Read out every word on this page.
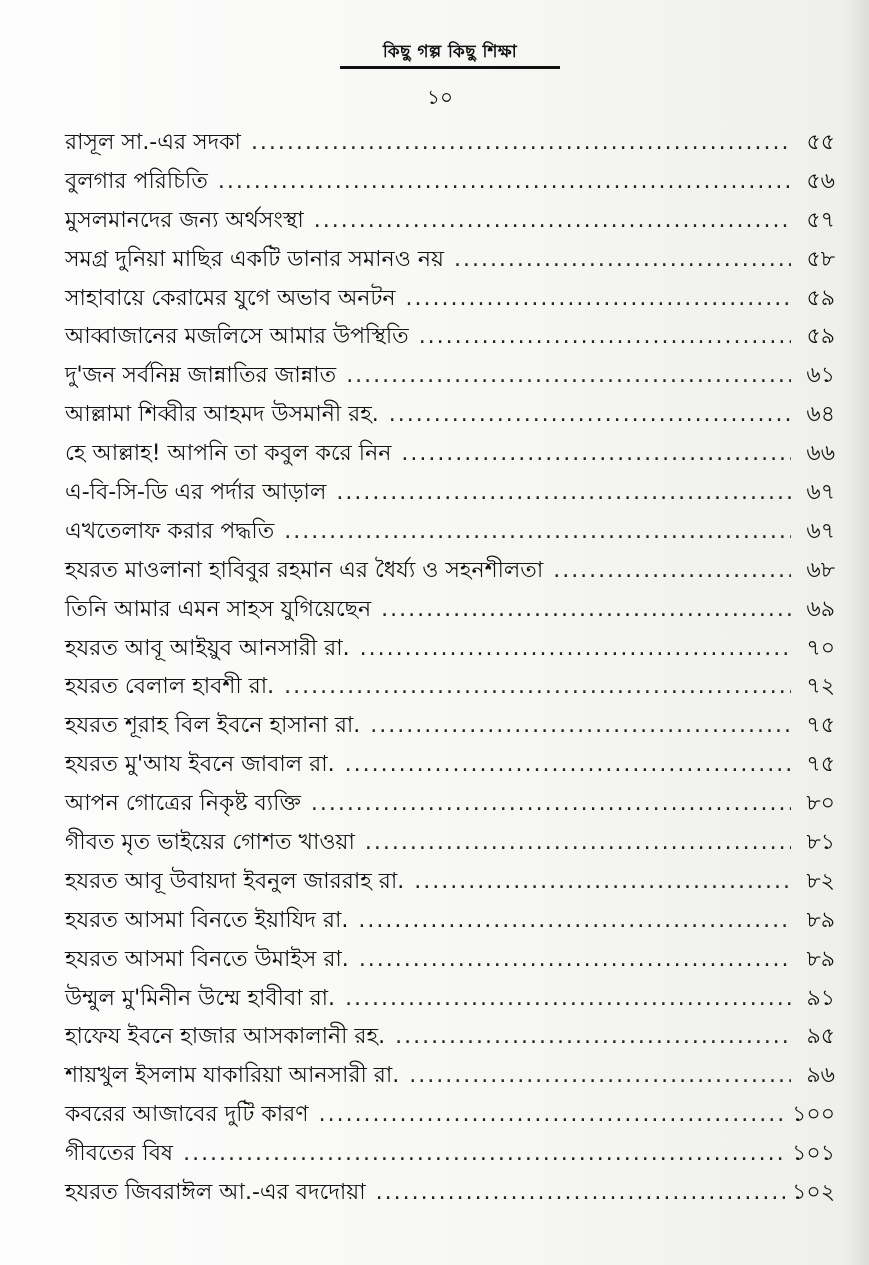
কিছু গল্প কিছু শিক্ষা
১০
রাসূল সা.-এর সদকা .....	৫৫
বুলগার পরিচিতি .....	৫৬
মুসলমানদের জন্য অর্থসংস্থা .....	৫৭
সমগ্র দুনিয়া মাছির একটি ডানার সমানও নয় .....	৫৮
সাহাবায়ে কেরামের যুগে অভাব অনটন .....	৫৯
আব্বাজানের মজলিসে আমার উপস্থিতি .....	৫৯
দু'জন সর্বনিম্ন জান্নাতির জান্নাত .....	৬১
আল্লামা শিব্বীর আহমদ উসমানী রহ. .....	৬৪
হে আল্লাহ! আপনি তা কবুল করে নিন .....	৬৬
এ-বি-সি-ডি এর পর্দার আড়াল .....	৬৭
এখতেলাফ করার পদ্ধতি .....	৬৭
হযরত মাওলানা হাবিবুর রহমান এর ধৈর্য্য ও সহনশীলতা .....	৬৮
তিনি আমার এমন সাহস যুগিয়েছেন .....	৬৯
হযরত আবূ আইয়ুব আনসারী রা. .....	৭০
হযরত বেলাল হাবশী রা. .....	৭২
হযরত শূরাহ বিল ইবনে হাসানা রা. .....	৭৫
হযরত মু'আয ইবনে জাবাল রা. .....	৭৫
আপন গোত্রের নিকৃষ্ট ব্যক্তি .....	৮০
গীবত মৃত ভাইয়ের গোশত খাওয়া .....	৮১
হযরত আবূ উবায়দা ইবনুল জাররাহ রা. .....	৮২
হযরত আসমা বিনতে ইয়াযিদ রা. .....	৮৯
হযরত আসমা বিনতে উমাইস রা. .....	৮৯
উম্মুল মু'মিনীন উম্মে হাবীবা রা. .....	৯১
হাফেয ইবনে হাজার আসকালানী রহ. .....	৯৫
শায়খুল ইসলাম যাকারিয়া আনসারী রা. .....	৯৬
কবরের আজাবের দুটি কারণ .....	১০০
গীবতের বিষ .....	১০১
হযরত জিবরাঈল আ.-এর বদদোয়া .....	১০২
